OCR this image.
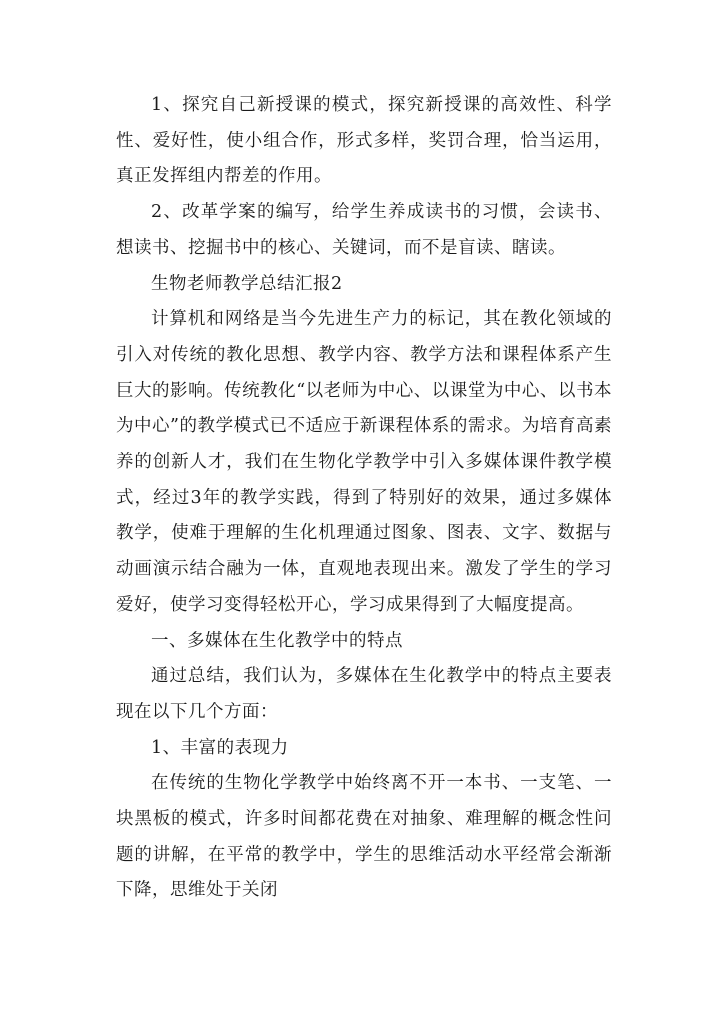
1、探究自己新授课的模式，探究新授课的高效性、科学性、爱好性，使小组合作，形式多样，奖罚合理，恰当运用，真正发挥组内帮差的作用。

2、改革学案的编写，给学生养成读书的习惯，会读书、想读书、挖掘书中的核心、关键词，而不是盲读、瞎读。

生物老师教学总结汇报2

计算机和网络是当今先进生产力的标记，其在教化领域的引入对传统的教化思想、教学内容、教学方法和课程体系产生巨大的影响。传统教化“以老师为中心、以课堂为中心、以书本为中心”的教学模式已不适应于新课程体系的需求。为培育高素养的创新人才，我们在生物化学教学中引入多媒体课件教学模式，经过3年的教学实践，得到了特别好的效果，通过多媒体教学，使难于理解的生化机理通过图象、图表、文字、数据与动画演示结合融为一体，直观地表现出来。激发了学生的学习爱好，使学习变得轻松开心，学习成果得到了大幅度提高。

一、多媒体在生化教学中的特点

通过总结，我们认为，多媒体在生化教学中的特点主要表现在以下几个方面：

1、丰富的表现力

在传统的生物化学教学中始终离不开一本书、一支笔、一块黑板的模式，许多时间都花费在对抽象、难理解的概念性问题的讲解，在平常的教学中，学生的思维活动水平经常会渐渐下降，思维处于关闭
